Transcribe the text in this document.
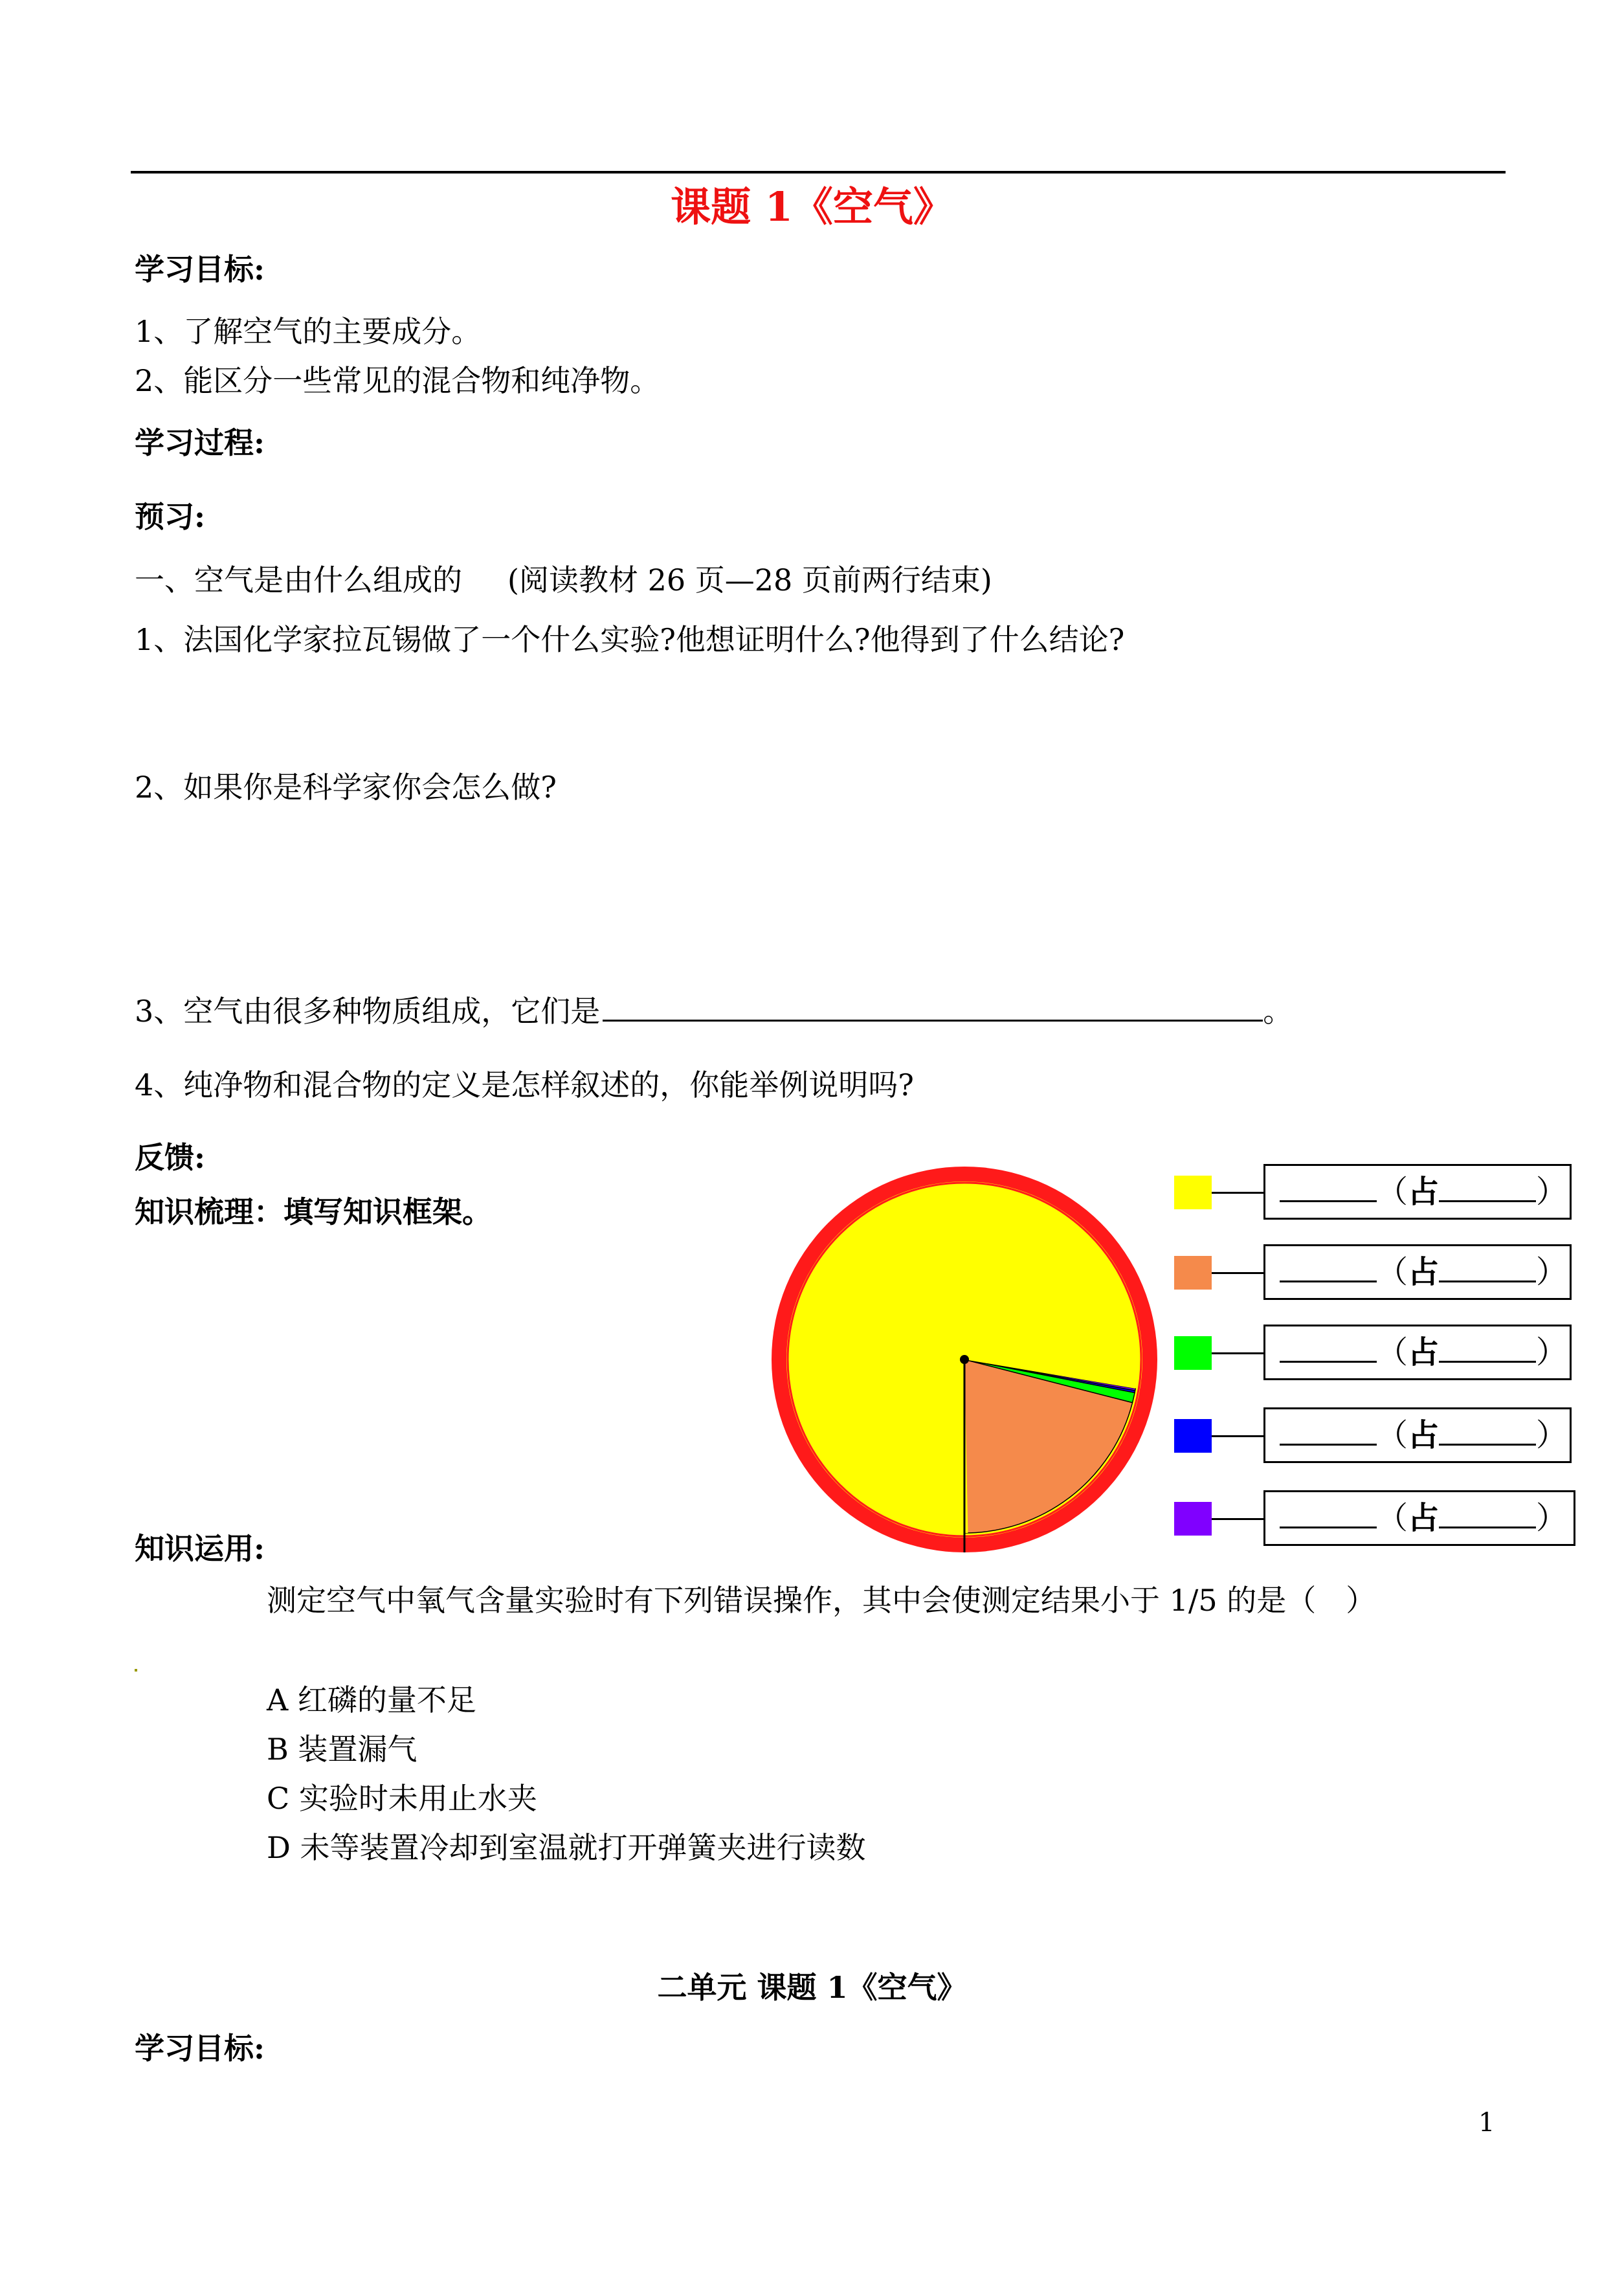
课题 1《空气》
学习目标:
1、了解空气的主要成分。
2、能区分一些常见的混合物和纯净物。
学习过程:
预习:
一、空气是由什么组成的 (阅读教材 26 页—28 页前两行结束)
1、法国化学家拉瓦锡做了一个什么实验?他想证明什么?他得到了什么结论?
2、如果你是科学家你会怎么做?
3、空气由很多种物质组成，它们是	。
4、纯净物和混合物的定义是怎样叙述的，你能举例说明吗?
反馈:
知识梳理：填写知识框架。
（占	）
（占	）
（占	）
（占	）
（占	）
知识运用:
测定空气中氧气含量实验时有下列错误操作，其中会使测定结果小于 1/5 的是（　）
A 红磷的量不足
B 装置漏气
C 实验时未用止水夹
D 未等装置冷却到室温就打开弹簧夹进行读数
二单元 课题 1《空气》
学习目标:
1
